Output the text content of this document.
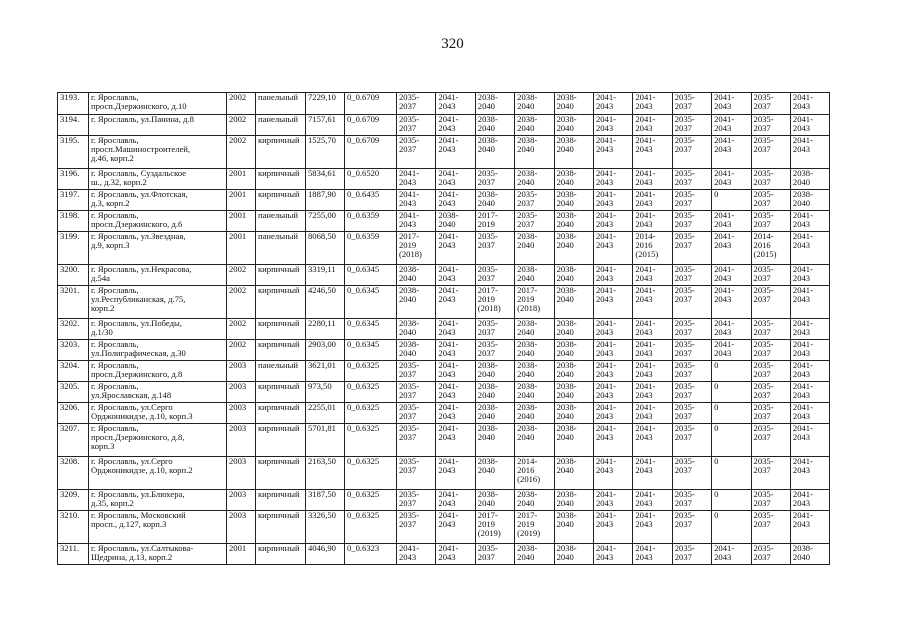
320
3193.	г. Ярославль,
просп.Дзержинского, д.10	2002	панельный	7229,10	0_0.6709	2035-
2037	2041-
2043	2038-
2040	2038-
2040	2038-
2040	2041-
2043	2041-
2043	2035-
2037	2041-
2043	2035-
2037	2041-
2043
3194.	г. Ярославль, ул.Панина, д.8	2002	панельный	7157,61	0_0.6709	2035-
2037	2041-
2043	2038-
2040	2038-
2040	2038-
2040	2041-
2043	2041-
2043	2035-
2037	2041-
2043	2035-
2037	2041-
2043
3195.	г. Ярославль,
просп.Машиностроителей,
д.46, корп.2	2002	кирпичный	1525,70	0_0.6709	2035-
2037	2041-
2043	2038-
2040	2038-
2040	2038-
2040	2041-
2043	2041-
2043	2035-
2037	2041-
2043	2035-
2037	2041-
2043
3196.	г. Ярославль, Суздальское
ш., д.32, корп.2	2001	кирпичный	5834,61	0_0.6520	2041-
2043	2041-
2043	2035-
2037	2038-
2040	2038-
2040	2041-
2043	2041-
2043	2035-
2037	2041-
2043	2035-
2037	2038-
2040
3197.	г. Ярославль, ул.Флотская,
д.3, корп.2	2001	кирпичный	1887,90	0_0.6435	2041-
2043	2041-
2043	2038-
2040	2035-
2037	2038-
2040	2041-
2043	2041-
2043	2035-
2037	0	2035-
2037	2038-
2040
3198.	г. Ярославль,
просп.Дзержинского, д.6	2001	панельный	7255,00	0_0.6359	2041-
2043	2038-
2040	2017-
2019	2035-
2037	2038-
2040	2041-
2043	2041-
2043	2035-
2037	2041-
2043	2035-
2037	2041-
2043
3199.	г. Ярославль, ул.Звездная,
д.9, корп.3	2001	панельный	8068,50	0_0.6359	2017-
2019
(2018)	2041-
2043	2035-
2037	2038-
2040	2038-
2040	2041-
2043	2014-
2016
(2015)	2035-
2037	2041-
2043	2014-
2016
(2015)	2041-
2043
3200.	г. Ярославль, ул.Некрасова,
д.54а	2002	кирпичный	3319,11	0_0.6345	2038-
2040	2041-
2043	2035-
2037	2038-
2040	2038-
2040	2041-
2043	2041-
2043	2035-
2037	2041-
2043	2035-
2037	2041-
2043
3201.	г. Ярославль,
ул.Республиканская, д.75,
корп.2	2002	кирпичный	4246,50	0_0.6345	2038-
2040	2041-
2043	2017-
2019
(2018)	2017-
2019
(2018)	2038-
2040	2041-
2043	2041-
2043	2035-
2037	2041-
2043	2035-
2037	2041-
2043
3202.	г. Ярославль, ул.Победы,
д.1/30	2002	кирпичный	2280,11	0_0.6345	2038-
2040	2041-
2043	2035-
2037	2038-
2040	2038-
2040	2041-
2043	2041-
2043	2035-
2037	2041-
2043	2035-
2037	2041-
2043
3203.	г. Ярославль,
ул.Полиграфическая, д.30	2002	кирпичный	2903,00	0_0.6345	2038-
2040	2041-
2043	2035-
2037	2038-
2040	2038-
2040	2041-
2043	2041-
2043	2035-
2037	2041-
2043	2035-
2037	2041-
2043
3204.	г. Ярославль,
просп.Дзержинского, д.8	2003	панельный	3621,01	0_0.6325	2035-
2037	2041-
2043	2038-
2040	2038-
2040	2038-
2040	2041-
2043	2041-
2043	2035-
2037	0	2035-
2037	2041-
2043
3205.	г. Ярославль,
ул.Ярославская, д.148	2003	кирпичный	973,50	0_0.6325	2035-
2037	2041-
2043	2038-
2040	2038-
2040	2038-
2040	2041-
2043	2041-
2043	2035-
2037	0	2035-
2037	2041-
2043
3206.	г. Ярославль, ул.Серго
Орджоникидзе, д.10, корп.3	2003	кирпичный	2255,01	0_0.6325	2035-
2037	2041-
2043	2038-
2040	2038-
2040	2038-
2040	2041-
2043	2041-
2043	2035-
2037	0	2035-
2037	2041-
2043
3207.	г. Ярославль,
просп.Дзержинского, д.8,
корп.3	2003	кирпичный	5701,81	0_0.6325	2035-
2037	2041-
2043	2038-
2040	2038-
2040	2038-
2040	2041-
2043	2041-
2043	2035-
2037	0	2035-
2037	2041-
2043
3208.	г. Ярославль, ул.Серго
Орджоникидзе, д.10, корп.2	2003	кирпичный	2163,50	0_0.6325	2035-
2037	2041-
2043	2038-
2040	2014-
2016
(2016)	2038-
2040	2041-
2043	2041-
2043	2035-
2037	0	2035-
2037	2041-
2043
3209.	г. Ярославль, ул.Блюхера,
д.35, корп.2	2003	кирпичный	3187,50	0_0.6325	2035-
2037	2041-
2043	2038-
2040	2038-
2040	2038-
2040	2041-
2043	2041-
2043	2035-
2037	0	2035-
2037	2041-
2043
3210.	г. Ярославль, Московский
просп., д.127, корп.3	2003	кирпичный	3326,50	0_0.6325	2035-
2037	2041-
2043	2017-
2019
(2019)	2017-
2019
(2019)	2038-
2040	2041-
2043	2041-
2043	2035-
2037	0	2035-
2037	2041-
2043
3211.	г. Ярославль, ул.Салтыкова-
Щедрина, д.13, корп.2	2001	кирпичный	4046,90	0_0.6323	2041-
2043	2041-
2043	2035-
2037	2038-
2040	2038-
2040	2041-
2043	2041-
2043	2035-
2037	2041-
2043	2035-
2037	2038-
2040
